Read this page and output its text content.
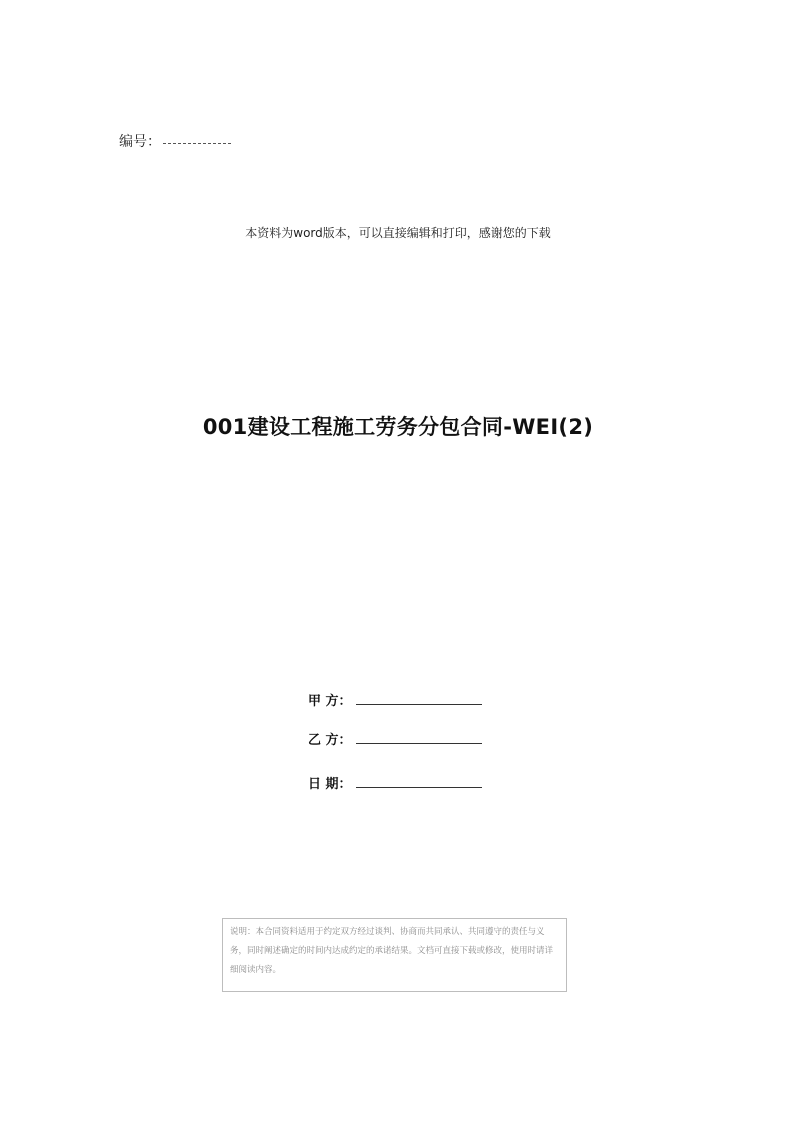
编号：
本资料为word版本，可以直接编辑和打印，感谢您的下载
001建设工程施工劳务分包合同-WEI(2)
甲 方：
乙 方：
日 期：
说明：本合同资料适用于约定双方经过谈判、协商而共同承认、共同遵守的责任与义务，同时阐述确定的时间内达成约定的承诺结果。文档可直接下载或修改，使用时请详细阅读内容。
